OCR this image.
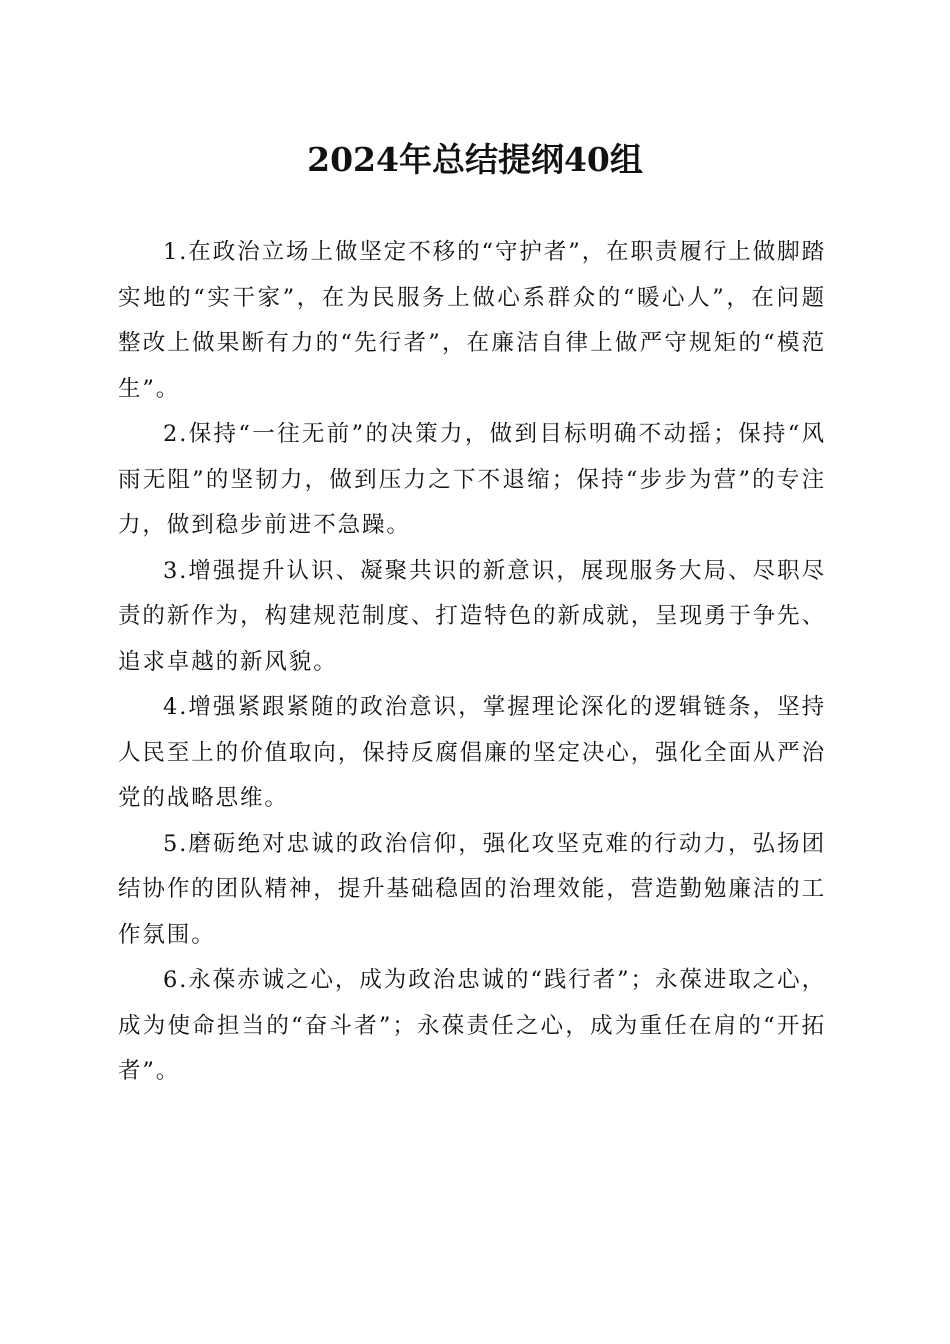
2024年总结提纲40组

1.在政治立场上做坚定不移的“守护者”，在职责履行上做脚踏实地的“实干家”，在为民服务上做心系群众的“暖心人”，在问题整改上做果断有力的“先行者”，在廉洁自律上做严守规矩的“模范生”。

2.保持“一往无前”的决策力，做到目标明确不动摇；保持“风雨无阻”的坚韧力，做到压力之下不退缩；保持“步步为营”的专注力，做到稳步前进不急躁。

3.增强提升认识、凝聚共识的新意识，展现服务大局、尽职尽责的新作为，构建规范制度、打造特色的新成就，呈现勇于争先、追求卓越的新风貌。

4.增强紧跟紧随的政治意识，掌握理论深化的逻辑链条，坚持人民至上的价值取向，保持反腐倡廉的坚定决心，强化全面从严治党的战略思维。

5.磨砺绝对忠诚的政治信仰，强化攻坚克难的行动力，弘扬团结协作的团队精神，提升基础稳固的治理效能，营造勤勉廉洁的工作氛围。

6.永葆赤诚之心，成为政治忠诚的“践行者”；永葆进取之心，成为使命担当的“奋斗者”；永葆责任之心，成为重任在肩的“开拓者”。
